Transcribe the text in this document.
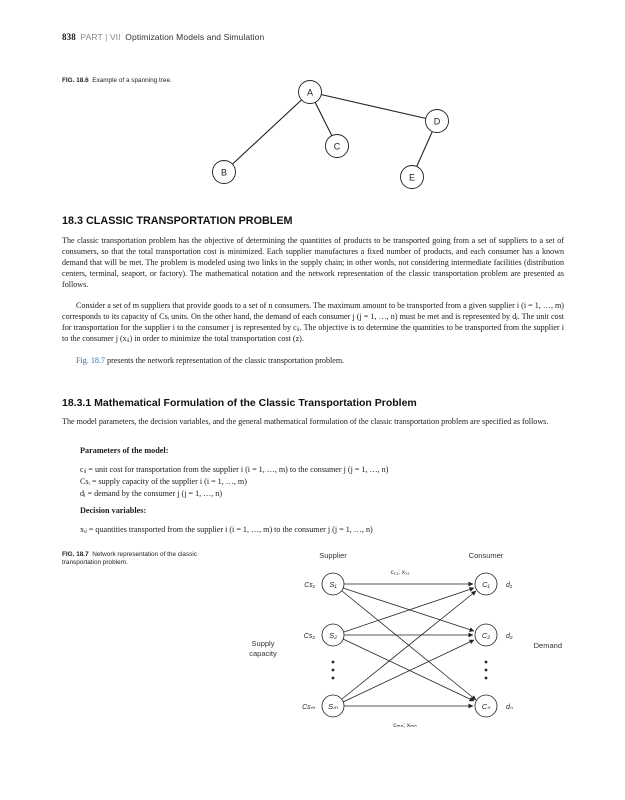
838 PART | VII Optimization Models and Simulation
FIG. 18.6 Example of a spanning tree.
A
B
C
D
E
18.3 CLASSIC TRANSPORTATION PROBLEM
The classic transportation problem has the objective of determining the quantities of products to be transported going from a set of suppliers to a set of consumers, so that the total transportation cost is minimized. Each supplier manufactures a fixed number of products, and each consumer has a known demand that will be met. The problem is modeled using two links in the supply chain; in other words, not considering intermediate facilities (distribution centers, terminal, seaport, or factory). The mathematical notation and the network representation of the classic transportation problem are presented as follows.
Consider a set of m suppliers that provide goods to a set of n consumers. The maximum amount to be transported from a given supplier i (i = 1, …, m) corresponds to its capacity of Csᵢ units. On the other hand, the demand of each consumer j (j = 1, …, n) must be met and is represented by dⱼ. The unit cost for transportation for the supplier i to the consumer j is represented by cᵢⱼ. The objective is to determine the quantities to be transported from the supplier i to the consumer j (xᵢⱼ) in order to minimize the total transportation cost (z).
Fig. 18.7 presents the network representation of the classic transportation problem.
18.3.1 Mathematical Formulation of the Classic Transportation Problem
The model parameters, the decision variables, and the general mathematical formulation of the classic transportation problem are specified as follows.
Parameters of the model:
cᵢⱼ = unit cost for transportation from the supplier i (i = 1, …, m) to the consumer j (j = 1, …, n)
Csᵢ = supply capacity of the supplier i (i = 1, …, m)
dⱼ = demand by the consumer j (j = 1, …, n)
Decision variables:
xᵢⱼ = quantities transported from the supplier i (i = 1, …, m) to the consumer j (j = 1, …, n)
FIG. 18.7 Network representation of the classic transportation problem.
Supplier	Consumer
c₁₁; x₁₁
S₁
S₂
Sₘ
C₁
C₂
Cₙ
Cs₁
Cs₂
Csₘ
d₁
d₂
dₙ
Supply
capacity
Demand
cₘₙ; xₘₙ
